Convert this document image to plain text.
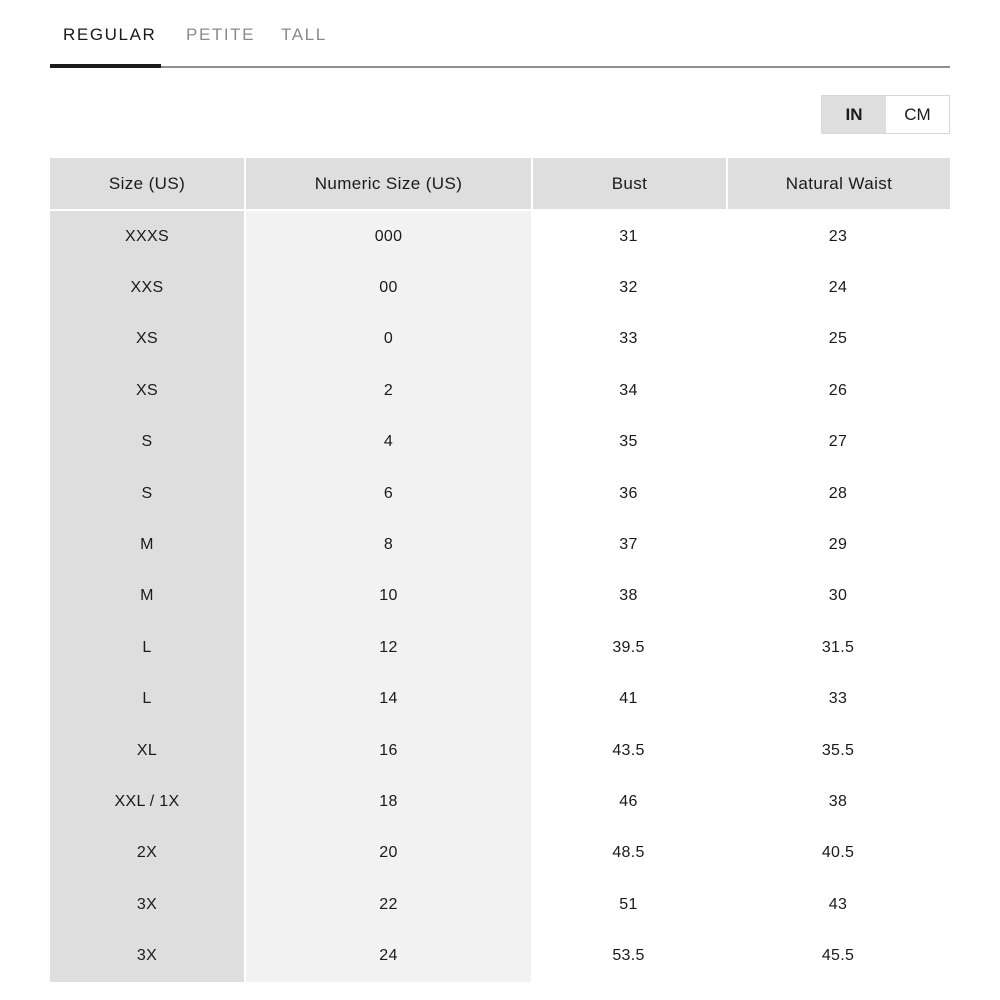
REGULAR PETITE TALL
IN	CM
Size (US)	Numeric Size (US)	Bust	Natural Waist
XXXS	000	31	23
XXS	00	32	24
XS	0	33	25
XS	2	34	26
S	4	35	27
S	6	36	28
M	8	37	29
M	10	38	30
L	12	39.5	31.5
L	14	41	33
XL	16	43.5	35.5
XXL / 1X	18	46	38
2X	20	48.5	40.5
3X	22	51	43
3X	24	53.5	45.5
